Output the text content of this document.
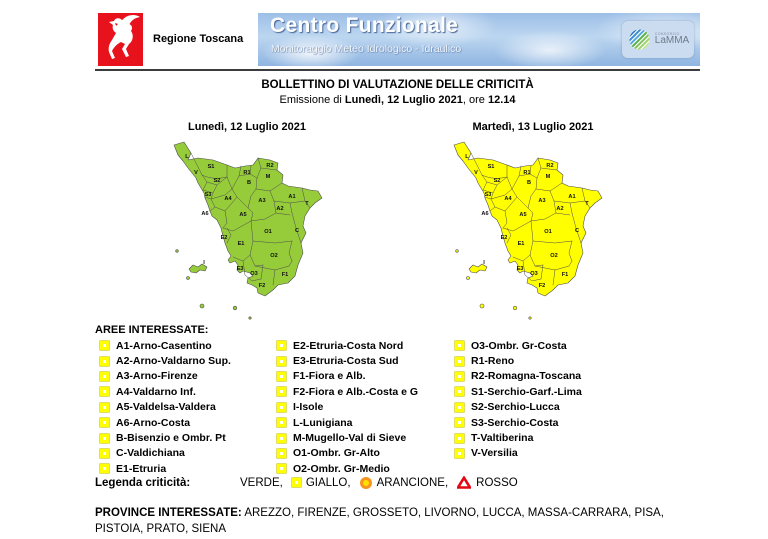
Regione Toscana
Centro Funzionale
Monitoraggio Meteo Idrologico - Idraulico
CONSORZIO
LaMMA
BOLLETTINO DI VALUTAZIONE DELLE CRITICITÀ
Emissione di Lunedì, 12 Luglio 2021, ore 12.14
Lunedì, 12 Luglio 2021	Martedì, 13 Luglio 2021
L
S1
V	R1
R2
S2	B
M
S3
A4	A3
A1
T
A6	A5
A2
O1	C
E2
E1
O2
I
E3
O3	F1
F2
L
S1
V	R1
R2
S2	B
M
S3
A4	A3
A1
T
A6	A5
A2
O1	C
E2
E1
O2
I
E3
O3	F1
F2
AREE INTERESSATE:
A1-Arno-Casentino
A2-Arno-Valdarno Sup.
A3-Arno-Firenze
A4-Valdarno Inf.
A5-Valdelsa-Valdera
A6-Arno-Costa
B-Bisenzio e Ombr. Pt
C-Valdichiana
E1-Etruria
E2-Etruria-Costa Nord
E3-Etruria-Costa Sud
F1-Fiora e Alb.
F2-Fiora e Alb.-Costa e G
I-Isole
L-Lunigiana
M-Mugello-Val di Sieve
O1-Ombr. Gr-Alto
O2-Ombr. Gr-Medio
O3-Ombr. Gr-Costa
R1-Reno
R2-Romagna-Toscana
S1-Serchio-Garf.-Lima
S2-Serchio-Lucca
S3-Serchio-Costa
T-Valtiberina
V-Versilia
Legenda criticità:	VERDE, GIALLO, ARANCIONE, ROSSO
PROVINCE INTERESSATE: AREZZO, FIRENZE, GROSSETO, LIVORNO, LUCCA, MASSA-CARRARA, PISA, PISTOIA, PRATO, SIENA
